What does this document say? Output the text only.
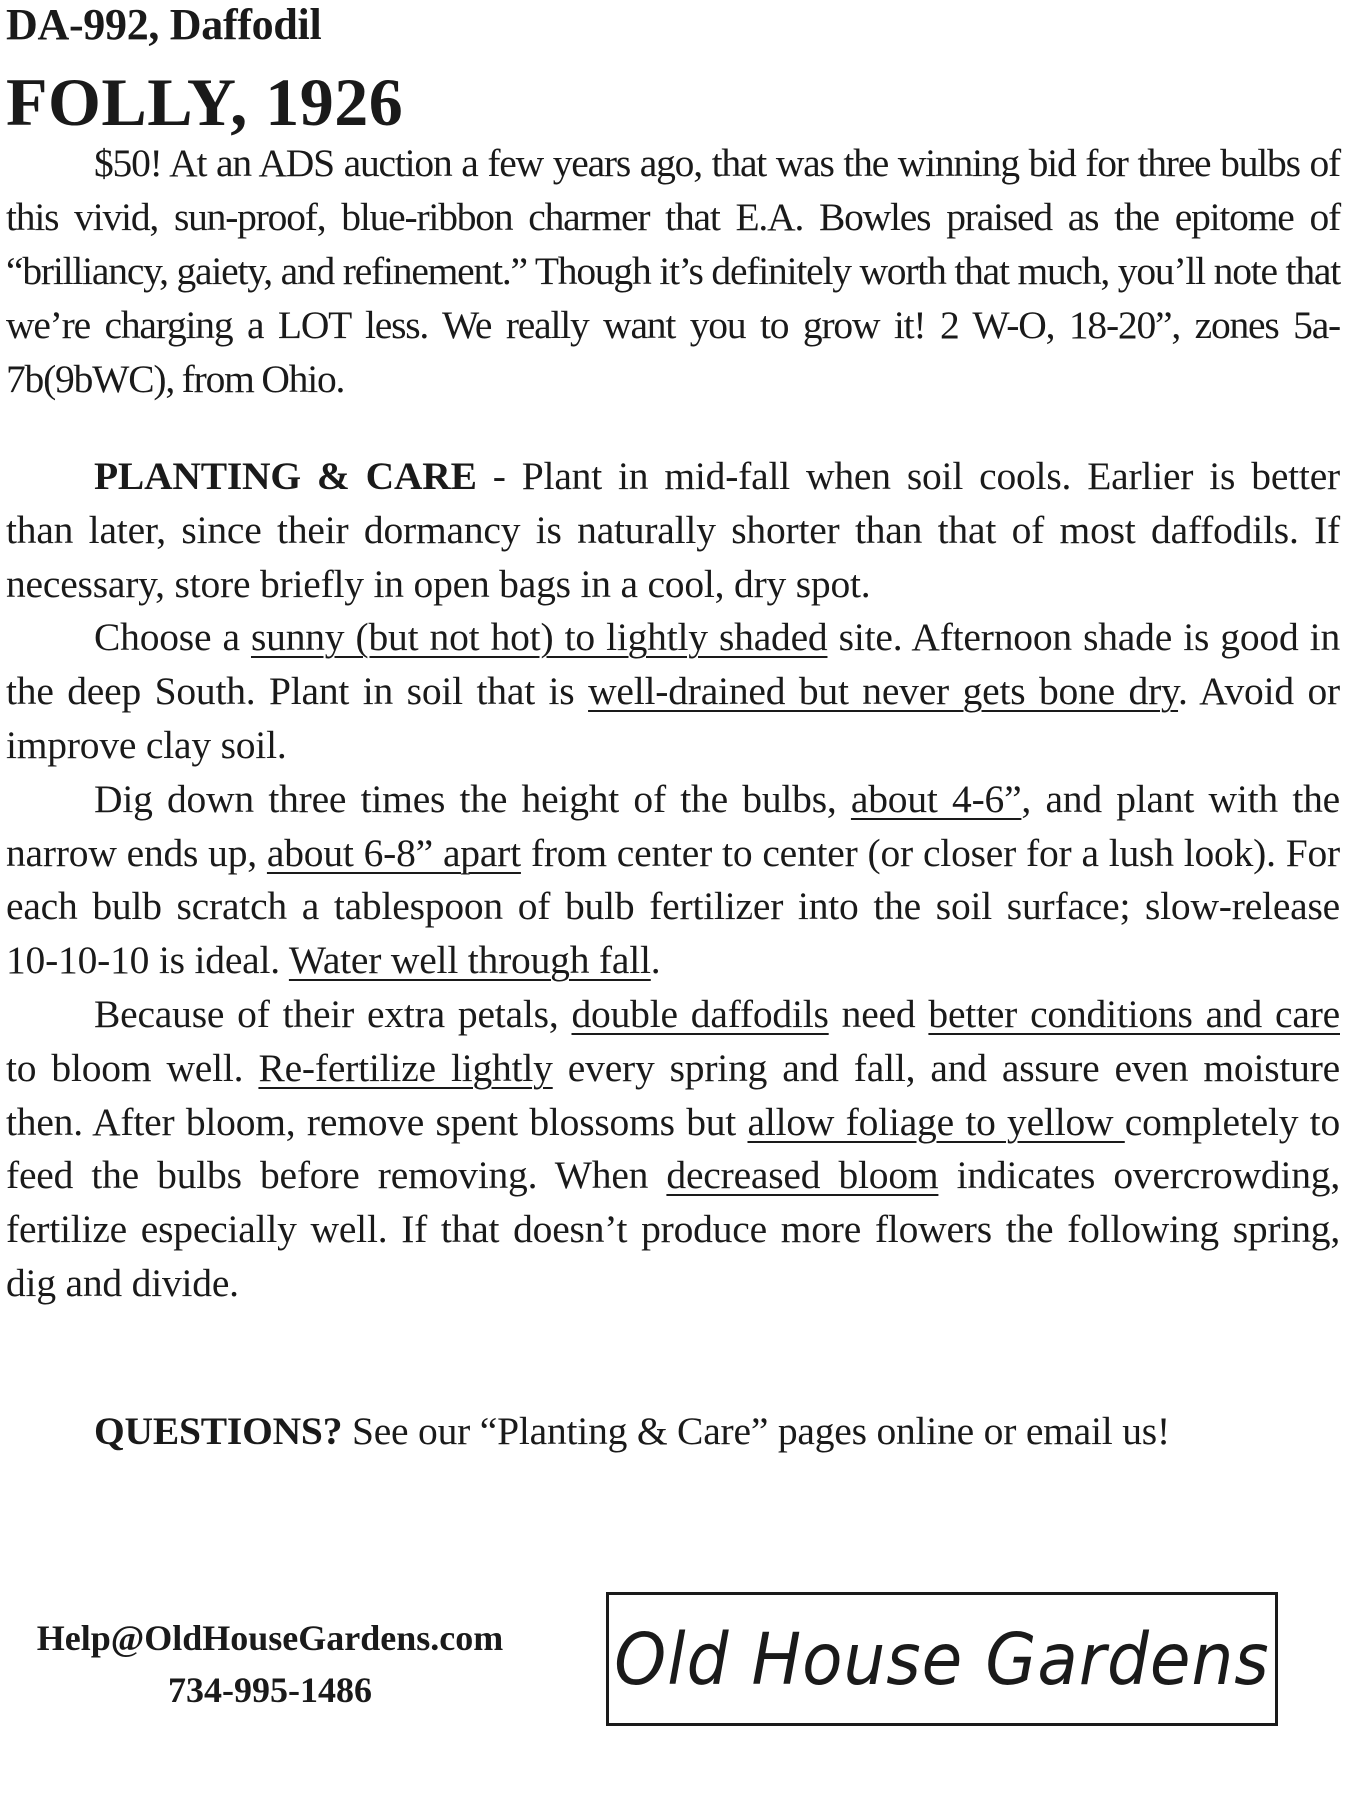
DA-992, Daffodil
FOLLY, 1926

$50! At an ADS auction a few years ago, that was the winning bid for three bulbs of this vivid, sun-proof, blue-ribbon charmer that E.A. Bowles praised as the epitome of “brilliancy, gaiety, and refinement.” Though it’s definitely worth that much, you’ll note that we’re charging a LOT less. We really want you to grow it! 2 W-O, 18-20”, zones 5a-7b(9bWC), from Ohio.

PLANTING & CARE - Plant in mid-fall when soil cools. Earlier is better than later, since their dormancy is naturally shorter than that of most daffodils. If necessary, store briefly in open bags in a cool, dry spot.

Choose a sunny (but not hot) to lightly shaded site. Afternoon shade is good in the deep South. Plant in soil that is well-drained but never gets bone dry. Avoid or improve clay soil.

Dig down three times the height of the bulbs, about 4-6”, and plant with the narrow ends up, about 6-8” apart from center to center (or closer for a lush look). For each bulb scratch a tablespoon of bulb fertilizer into the soil surface; slow-release 10-10-10 is ideal. Water well through fall.

Because of their extra petals, double daffodils need better conditions and care to bloom well. Re-fertilize lightly every spring and fall, and assure even moisture then. After bloom, remove spent blossoms but allow foliage to yellow completely to feed the bulbs before removing. When decreased bloom indicates overcrowding, fertilize especially well. If that doesn’t produce more flowers the following spring, dig and divide.

QUESTIONS? See our “Planting & Care” pages online or email us!
Help@OldHouseGardens.com
734-995-1486	Old House Gardens
